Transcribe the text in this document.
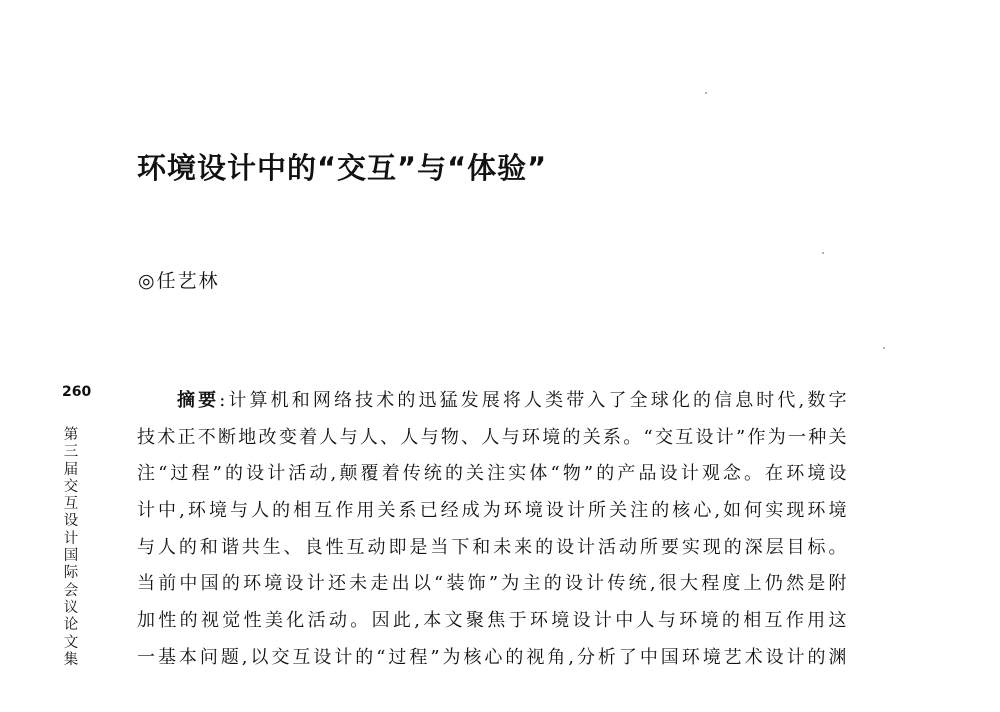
环境设计中的“交互”与“体验”
◎任艺林
260
第三届交互设计国际会议论文集
摘要:计算机和网络技术的迅猛发展将人类带入了全球化的信息时代,数字
技术正不断地改变着人与人、人与物、人与环境的关系。“交互设计”作为一种关
注“过程”的设计活动,颠覆着传统的关注实体“物”的产品设计观念。在环境设
计中,环境与人的相互作用关系已经成为环境设计所关注的核心,如何实现环境
与人的和谐共生、良性互动即是当下和未来的设计活动所要实现的深层目标。
当前中国的环境设计还未走出以“装饰”为主的设计传统,很大程度上仍然是附
加性的视觉性美化活动。因此,本文聚焦于环境设计中人与环境的相互作用这
一基本问题,以交互设计的“过程”为核心的视角,分析了中国环境艺术设计的渊
